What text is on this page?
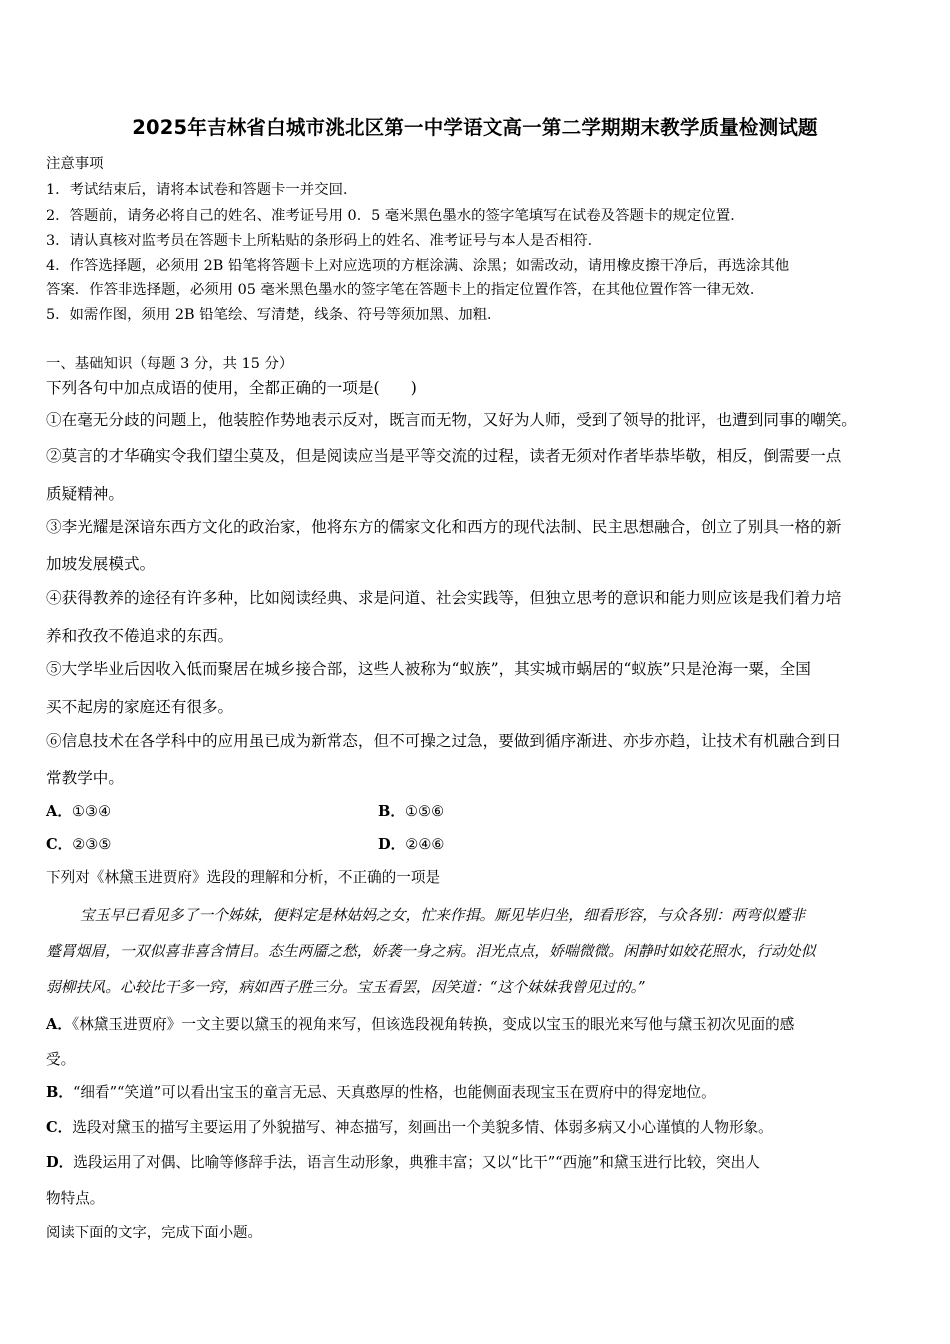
2025年吉林省白城市洮北区第一中学语文高一第二学期期末教学质量检测试题
注意事项
1．考试结束后，请将本试卷和答题卡一并交回．
2．答题前，请务必将自己的姓名、准考证号用 0．5 毫米黑色墨水的签字笔填写在试卷及答题卡的规定位置．
3．请认真核对监考员在答题卡上所粘贴的条形码上的姓名、准考证号与本人是否相符．
4．作答选择题，必须用 2B 铅笔将答题卡上对应选项的方框涂满、涂黑；如需改动，请用橡皮擦干净后，再选涂其他
答案．作答非选择题，必须用 05 毫米黑色墨水的签字笔在答题卡上的指定位置作答，在其他位置作答一律无效．
5．如需作图，须用 2B 铅笔绘、写清楚，线条、符号等须加黑、加粗．
一、基础知识（每题 3 分，共 15 分）
下列各句中加点成语的使用，全都正确的一项是(　　)
①在毫无分歧的问题上，他装腔作势地表示反对，既言而无物，又好为人师，受到了领导的批评，也遭到同事的嘲笑。
②莫言的才华确实令我们望尘莫及，但是阅读应当是平等交流的过程，读者无须对作者毕恭毕敬，相反，倒需要一点
质疑精神。
③李光耀是深谙东西方文化的政治家，他将东方的儒家文化和西方的现代法制、民主思想融合，创立了别具一格的新
加坡发展模式。
④获得教养的途径有许多种，比如阅读经典、求是问道、社会实践等，但独立思考的意识和能力则应该是我们着力培
养和孜孜不倦追求的东西。
⑤大学毕业后因收入低而聚居在城乡接合部，这些人被称为“蚁族”，其实城市蜗居的“蚁族”只是沧海一粟，全国
买不起房的家庭还有很多。
⑥信息技术在各学科中的应用虽已成为新常态，但不可操之过急，要做到循序渐进、亦步亦趋，让技术有机融合到日
常教学中。
A．①③④	B．①⑤⑥
C．②③⑤	D．②④⑥
下列对《林黛玉进贾府》选段的理解和分析，不正确的一项是
宝玉早已看见多了一个姊妹，便料定是林姑妈之女，忙来作揖。厮见毕归坐，细看形容，与众各别：两弯似蹙非
蹙罥烟眉，一双似喜非喜含情目。态生两靥之愁，娇袭一身之病。泪光点点，娇喘微微。闲静时如姣花照水，行动处似
弱柳扶风。心较比干多一窍，病如西子胜三分。宝玉看罢，因笑道：“这个妹妹我曾见过的。”
A．《林黛玉进贾府》一文主要以黛玉的视角来写，但该选段视角转换，变成以宝玉的眼光来写他与黛玉初次见面的感
受。
B．“细看”“笑道”可以看出宝玉的童言无忌、天真憨厚的性格，也能侧面表现宝玉在贾府中的得宠地位。
C．选段对黛玉的描写主要运用了外貌描写、神态描写，刻画出一个美貌多情、体弱多病又小心谨慎的人物形象。
D．选段运用了对偶、比喻等修辞手法，语言生动形象，典雅丰富；又以“比干”“西施”和黛玉进行比较，突出人
物特点。
阅读下面的文字，完成下面小题。
